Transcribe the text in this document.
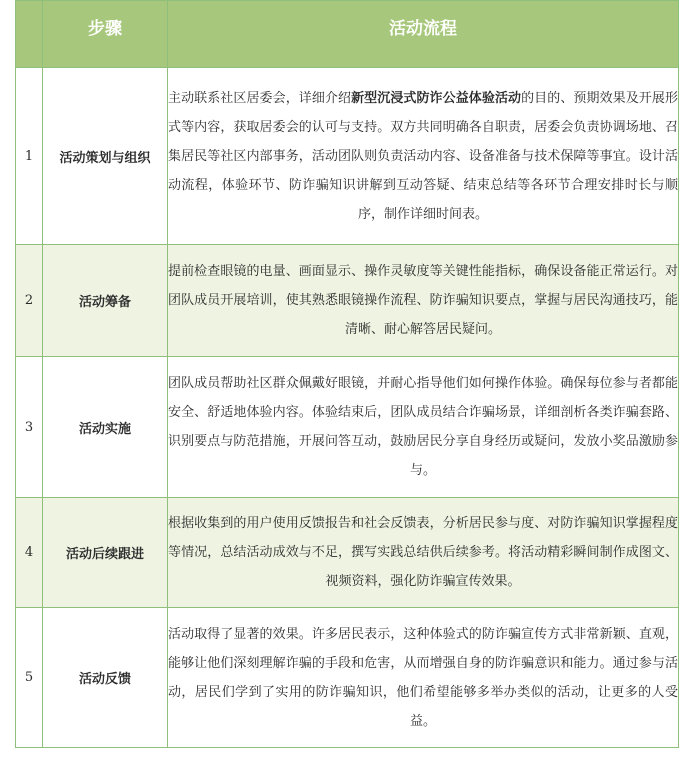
	步骤	活动流程
1	活动策划与组织	主动联系社区居委会，详细介绍新型沉浸式防诈公益体验活动的目的、预期效果及开展形式等内容，获取居委会的认可与支持。双方共同明确各自职责，居委会负责协调场地、召集居民等社区内部事务，活动团队则负责活动内容、设备准备与技术保障等事宜。设计活动流程，体验环节、防诈骗知识讲解到互动答疑、结束总结等各环节合理安排时长与顺序，制作详细时间表。
2	活动筹备	提前检查眼镜的电量、画面显示、操作灵敏度等关键性能指标，确保设备能正常运行。对团队成员开展培训，使其熟悉眼镜操作流程、防诈骗知识要点，掌握与居民沟通技巧，能清晰、耐心解答居民疑问。
3	活动实施	团队成员帮助社区群众佩戴好眼镜，并耐心指导他们如何操作体验。确保每位参与者都能安全、舒适地体验内容。体验结束后，团队成员结合诈骗场景，详细剖析各类诈骗套路、识别要点与防范措施，开展问答互动，鼓励居民分享自身经历或疑问，发放小奖品激励参与。
4	活动后续跟进	根据收集到的用户使用反馈报告和社会反馈表，分析居民参与度、对防诈骗知识掌握程度等情况，总结活动成效与不足，撰写实践总结供后续参考。将活动精彩瞬间制作成图文、视频资料，强化防诈骗宣传效果。
5	活动反馈	活动取得了显著的效果。许多居民表示，这种体验式的防诈骗宣传方式非常新颖、直观，能够让他们深刻理解诈骗的手段和危害，从而增强自身的防诈骗意识和能力。通过参与活动，居民们学到了实用的防诈骗知识，他们希望能够多举办类似的活动，让更多的人受益。
